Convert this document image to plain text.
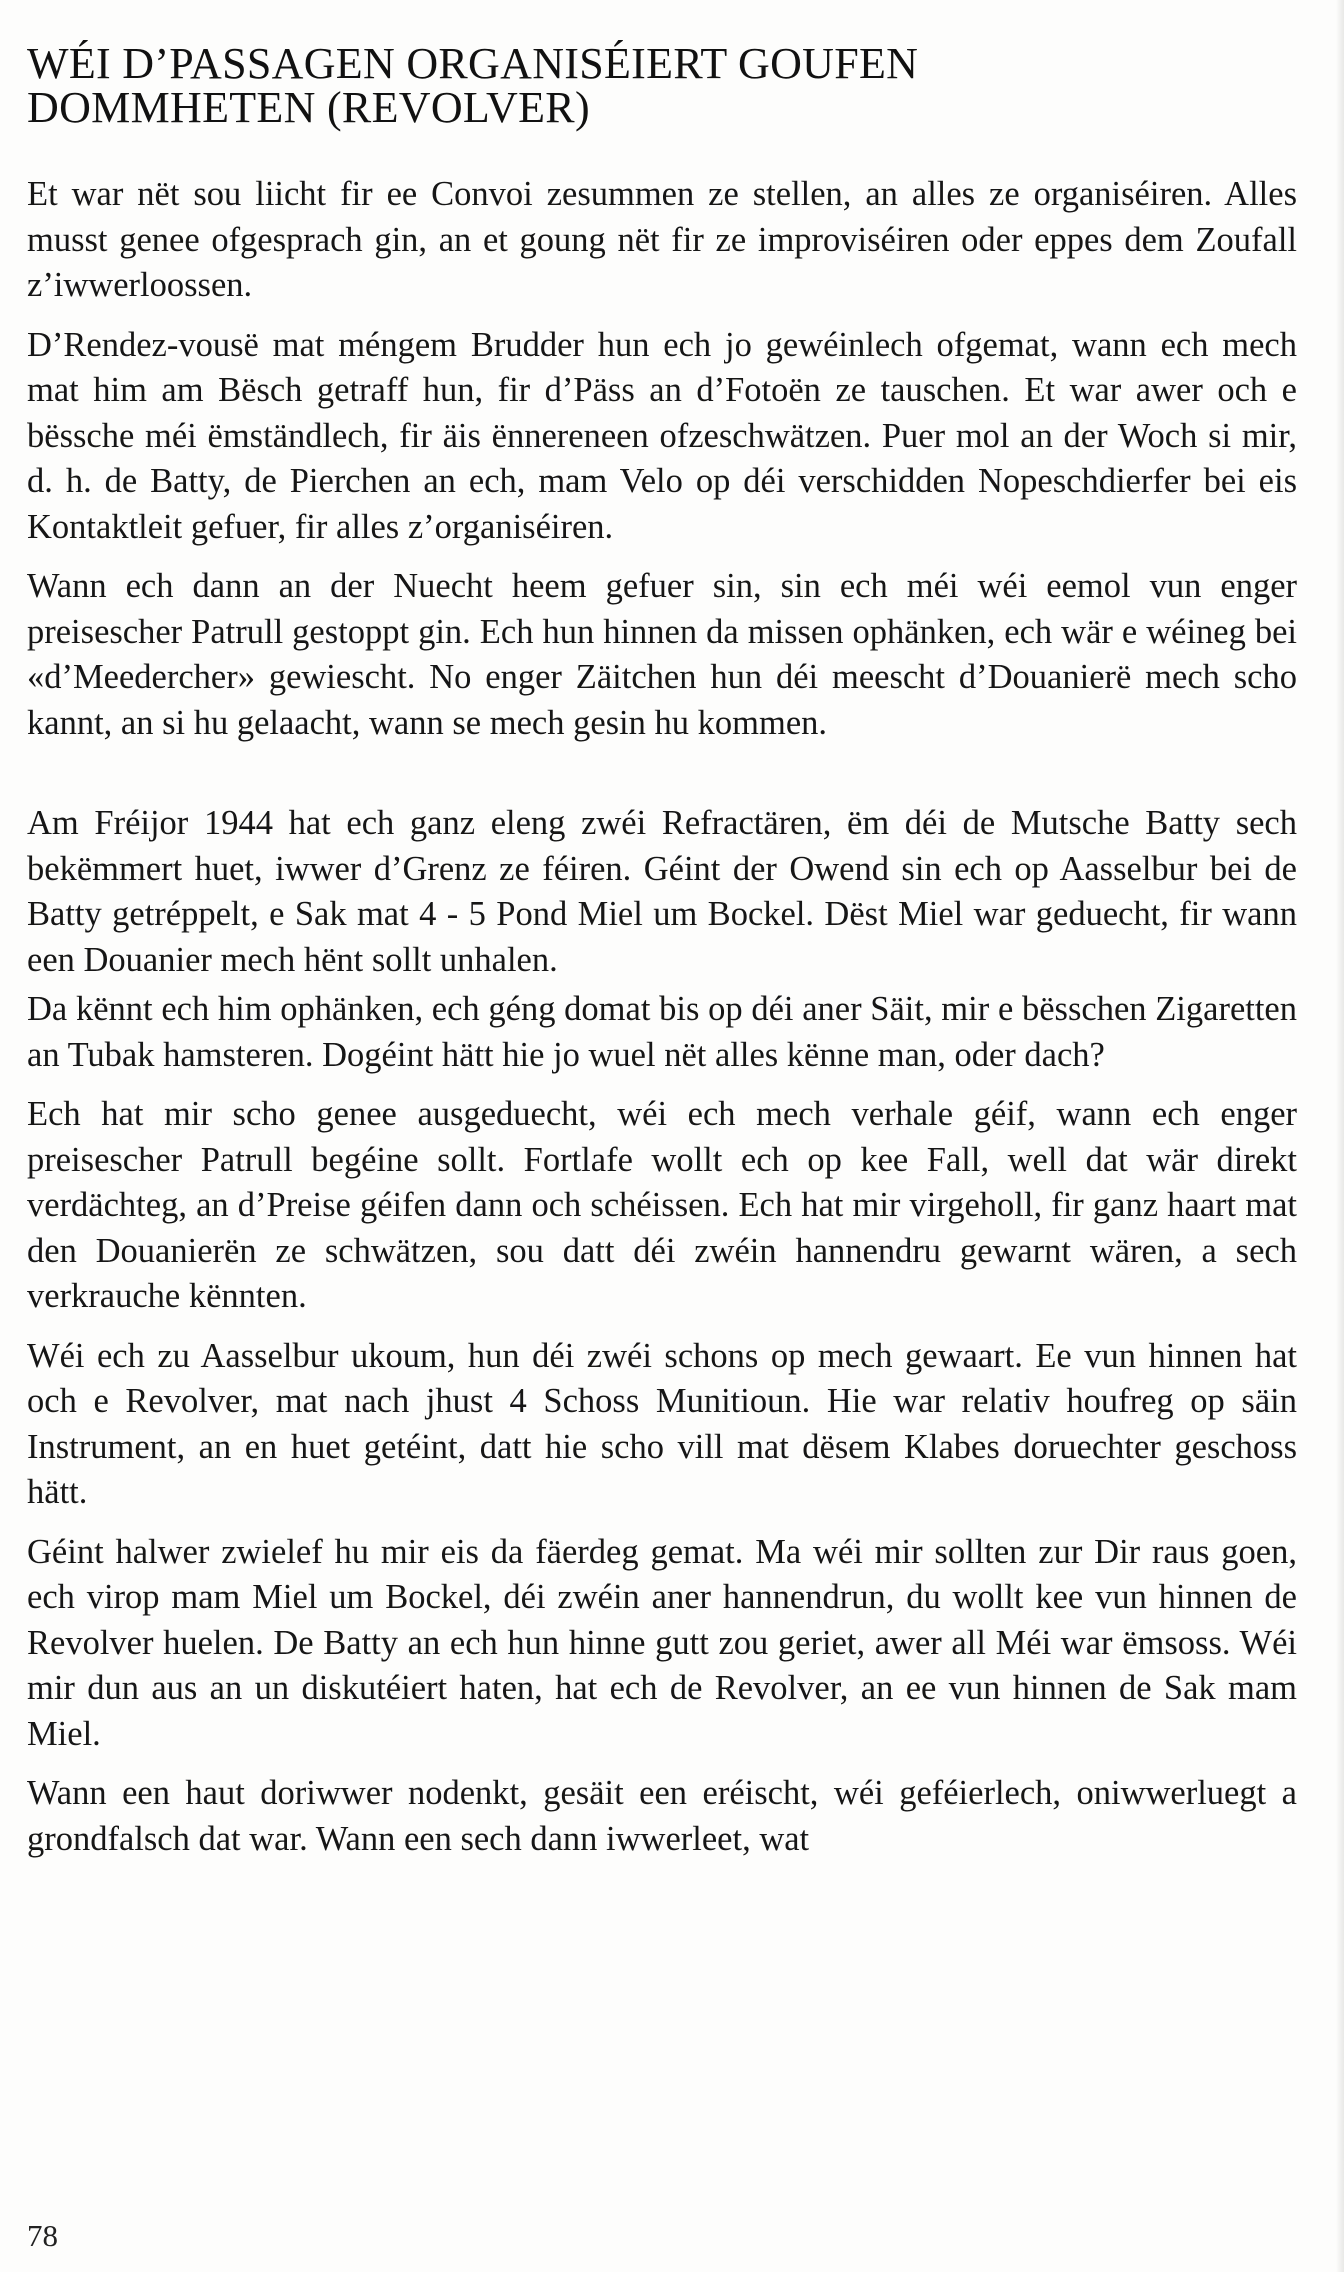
WÉI D’PASSAGEN ORGANISÉIERT GOUFEN
DOMMHETEN (REVOLVER)

Et war nët sou liicht fir ee Convoi zesummen ze stellen, an alles ze organiséiren. Alles musst genee ofgesprach gin, an et goung nët fir ze improviséiren oder eppes dem Zoufall z’iwwerloossen.

D’Rendez-vousë mat méngem Brudder hun ech jo gewéinlech ofgemat, wann ech mech mat him am Bësch getraff hun, fir d’Päss an d’Fotoën ze tauschen. Et war awer och e bëssche méi ëmständlech, fir äis ënnereneen ofzeschwätzen. Puer mol an der Woch si mir, d. h. de Batty, de Pierchen an ech, mam Velo op déi verschidden Nopeschdierfer bei eis Kontaktleit gefuer, fir alles z’organiséiren.

Wann ech dann an der Nuecht heem gefuer sin, sin ech méi wéi eemol vun enger preisescher Patrull gestoppt gin. Ech hun hinnen da missen ophänken, ech wär e wéineg bei «d’Meedercher» gewiescht. No enger Zäitchen hun déi meescht d’Douanierë mech scho kannt, an si hu gelaacht, wann se mech gesin hu kommen.

Am Fréijor 1944 hat ech ganz eleng zwéi Refractären, ëm déi de Mutsche Batty sech bekëmmert huet, iwwer d’Grenz ze féiren. Géint der Owend sin ech op Aasselbur bei de Batty getréppelt, e Sak mat 4 - 5 Pond Miel um Bockel. Dëst Miel war geduecht, fir wann een Douanier mech hënt sollt unhalen.

Da kënnt ech him ophänken, ech géng domat bis op déi aner Säit, mir e bësschen Zigaretten an Tubak hamsteren. Dogéint hätt hie jo wuel nët alles kënne man, oder dach?

Ech hat mir scho genee ausgeduecht, wéi ech mech verhale géif, wann ech enger preisescher Patrull begéine sollt. Fortlafe wollt ech op kee Fall, well dat wär direkt verdächteg, an d’Preise géifen dann och schéissen. Ech hat mir virgeholl, fir ganz haart mat den Douanierën ze schwätzen, sou datt déi zwéin hannendru gewarnt wären, a sech verkrauche kënnten.

Wéi ech zu Aasselbur ukoum, hun déi zwéi schons op mech gewaart. Ee vun hinnen hat och e Revolver, mat nach jhust 4 Schoss Munitioun. Hie war relativ houfreg op säin Instrument, an en huet getéint, datt hie scho vill mat dësem Klabes doruechter geschoss hätt.

Géint halwer zwielef hu mir eis da fäerdeg gemat. Ma wéi mir sollten zur Dir raus goen, ech virop mam Miel um Bockel, déi zwéin aner hannendrun, du wollt kee vun hinnen de Revolver huelen. De Batty an ech hun hinne gutt zou geriet, awer all Méi war ëmsoss. Wéi mir dun aus an un diskutéiert haten, hat ech de Revolver, an ee vun hinnen de Sak mam Miel.

Wann een haut doriwwer nodenkt, gesäit een eréischt, wéi geféierlech, oniwwerluegt a grondfalsch dat war. Wann een sech dann iwwerleet, wat

78
